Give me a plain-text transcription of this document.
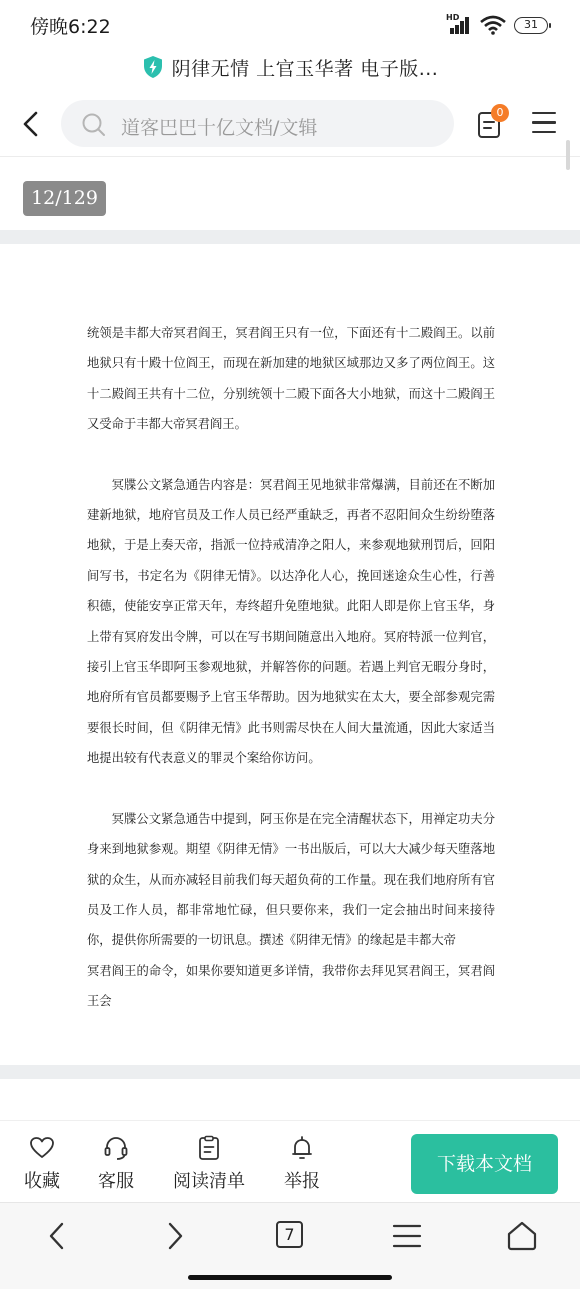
傍晚6:22	HD	31
阴律无情 上官玉华著 电子版...
道客巴巴十亿文档/文辑
0
12/129

统领是丰都大帝冥君阎王，冥君阎王只有一位，下面还有十二殿阎王。以前地狱只有十殿十位阎王，而现在新加建的地狱区域那边又多了两位阎王。这十二殿阎王共有十二位，分别统领十二殿下面各大小地狱，而这十二殿阎王又受命于丰都大帝冥君阎王。

冥牒公文紧急通告内容是：冥君阎王见地狱非常爆满，目前还在不断加建新地狱，地府官员及工作人员已经严重缺乏，再者不忍阳间众生纷纷堕落地狱，于是上奏天帝，指派一位持戒清净之阳人，来参观地狱刑罚后，回阳间写书，书定名为《阴律无情》。以达净化人心，挽回迷途众生心性，行善积德，使能安享正常天年，寿终超升免堕地狱。此阳人即是你上官玉华，身上带有冥府发出令牌，可以在写书期间随意出入地府。冥府特派一位判官，接引上官玉华即阿玉参观地狱，并解答你的问题。若遇上判官无暇分身时，地府所有官员都要赐予上官玉华帮助。因为地狱实在太大，要全部参观完需要很长时间，但《阴律无情》此书则需尽快在人间大量流通，因此大家适当地提出较有代表意义的罪灵个案给你访问。

冥牒公文紧急通告中提到，阿玉你是在完全清醒状态下，用禅定功夫分身来到地狱参观。期望《阴律无情》一书出版后，可以大大减少每天堕落地狱的众生，从而亦减轻目前我们每天超负荷的工作量。现在我们地府所有官员及工作人员，都非常地忙碌，但只要你来，我们一定会抽出时间来接待你，提供你所需要的一切讯息。撰述《阴律无情》的缘起是丰都大帝

冥君阎王的命令，如果你要知道更多详情，我带你去拜见冥君阎王，冥君阎王会

收藏 客服 阅读清单 举报
下载本文档
7
